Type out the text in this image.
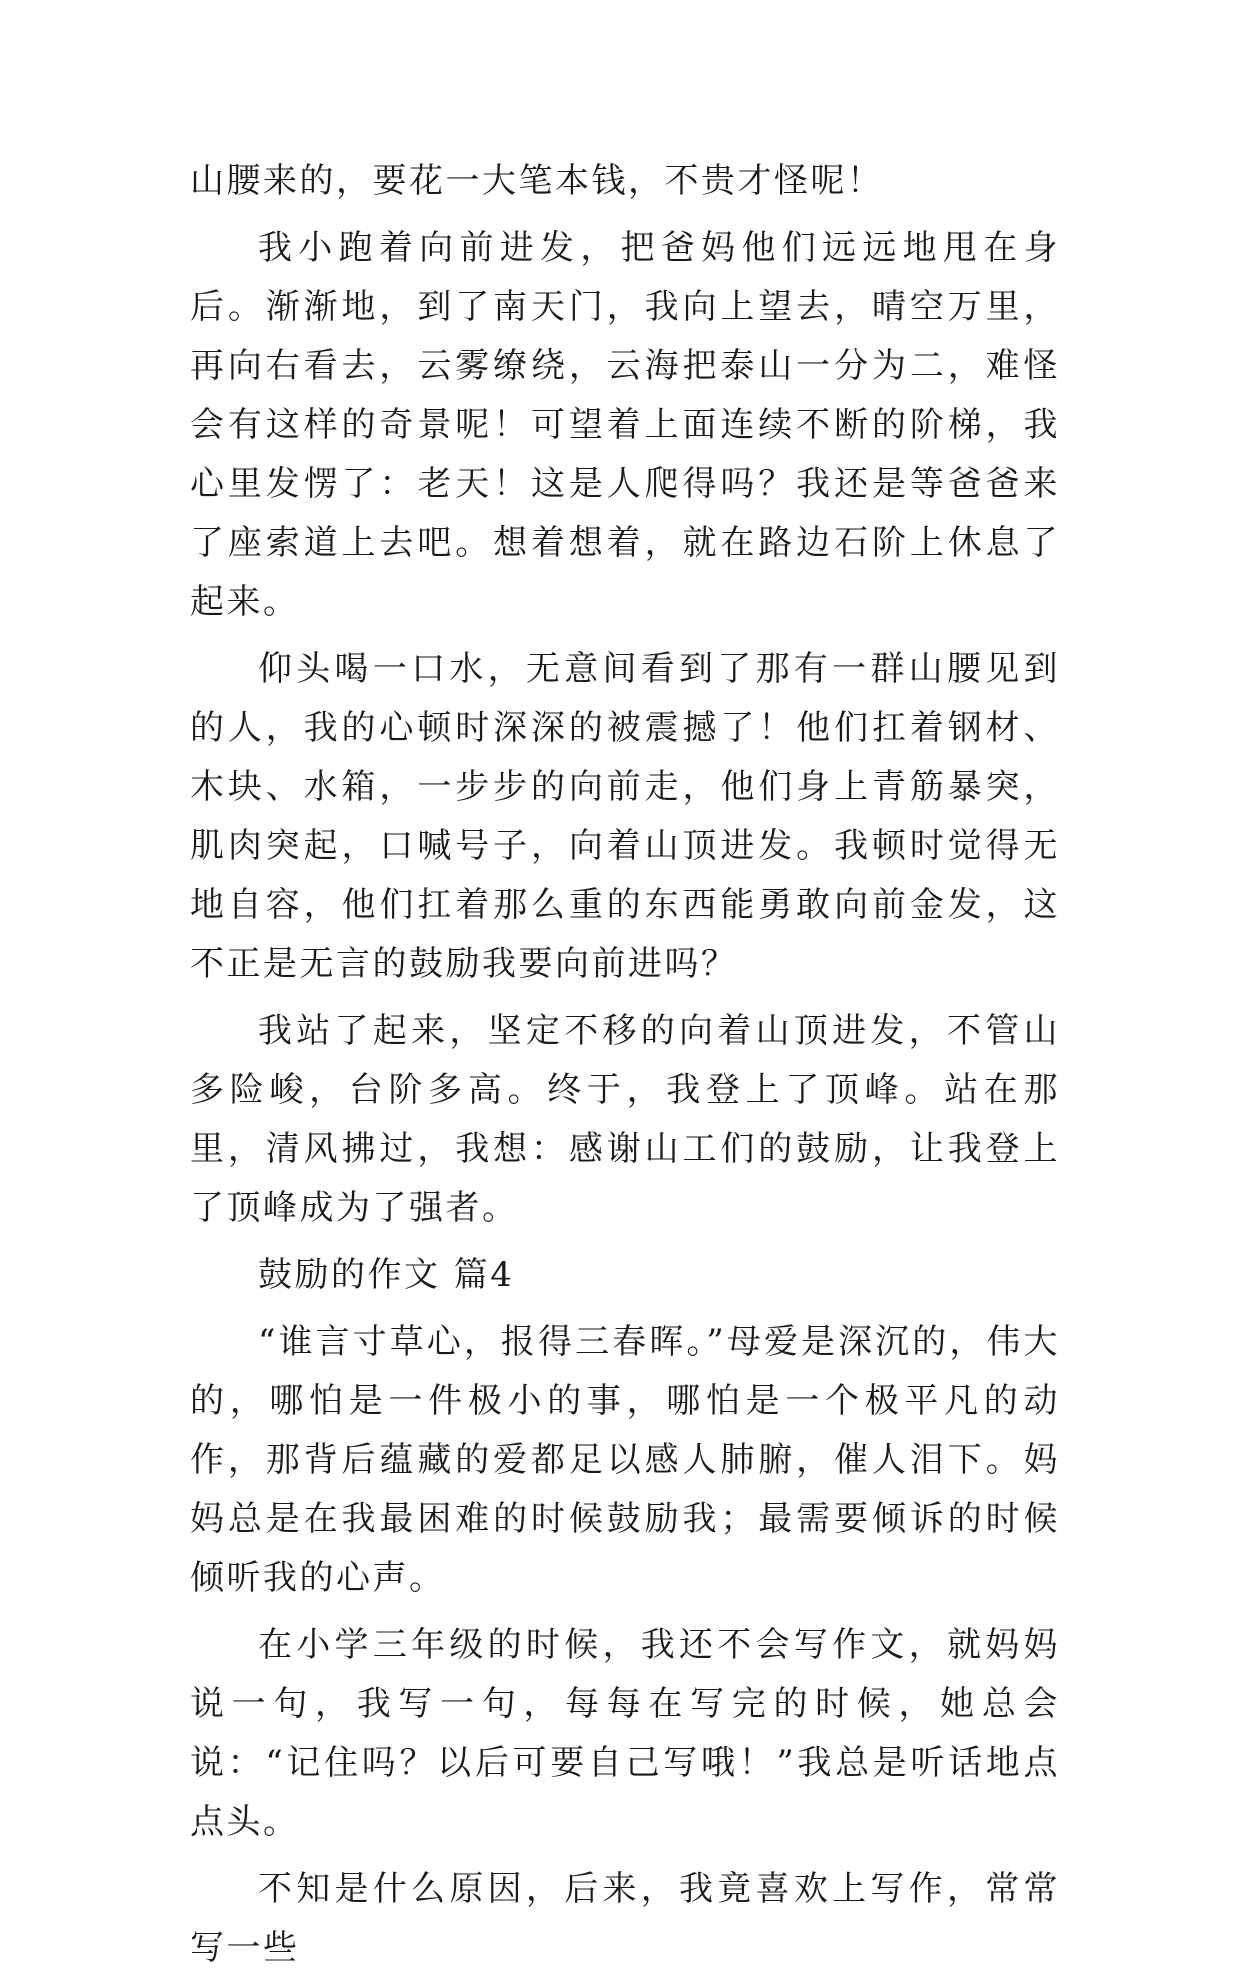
山腰来的，要花一大笔本钱，不贵才怪呢！

我小跑着向前进发，把爸妈他们远远地甩在身后。渐渐地，到了南天门，我向上望去，晴空万里，再向右看去，云雾缭绕，云海把泰山一分为二，难怪会有这样的奇景呢！可望着上面连续不断的阶梯，我心里发愣了：老天！这是人爬得吗？我还是等爸爸来了座索道上去吧。想着想着，就在路边石阶上休息了起来。

仰头喝一口水，无意间看到了那有一群山腰见到的人，我的心顿时深深的被震撼了！他们扛着钢材、木块、水箱，一步步的向前走，他们身上青筋暴突，肌肉突起，口喊号子，向着山顶进发。我顿时觉得无地自容，他们扛着那么重的东西能勇敢向前金发，这不正是无言的鼓励我要向前进吗？

我站了起来，坚定不移的向着山顶进发，不管山多险峻，台阶多高。终于，我登上了顶峰。站在那里，清风拂过，我想：感谢山工们的鼓励，让我登上了顶峰成为了强者。

鼓励的作文 篇4

“谁言寸草心，报得三春晖。”母爱是深沉的，伟大的，哪怕是一件极小的事，哪怕是一个极平凡的动作，那背后蕴藏的爱都足以感人肺腑，催人泪下。妈妈总是在我最困难的时候鼓励我；最需要倾诉的时候倾听我的心声。

在小学三年级的时候，我还不会写作文，就妈妈说一句，我写一句，每每在写完的时候，她总会说：“记住吗？以后可要自己写哦！”我总是听话地点点头。

不知是什么原因，后来，我竟喜欢上写作，常常写一些
